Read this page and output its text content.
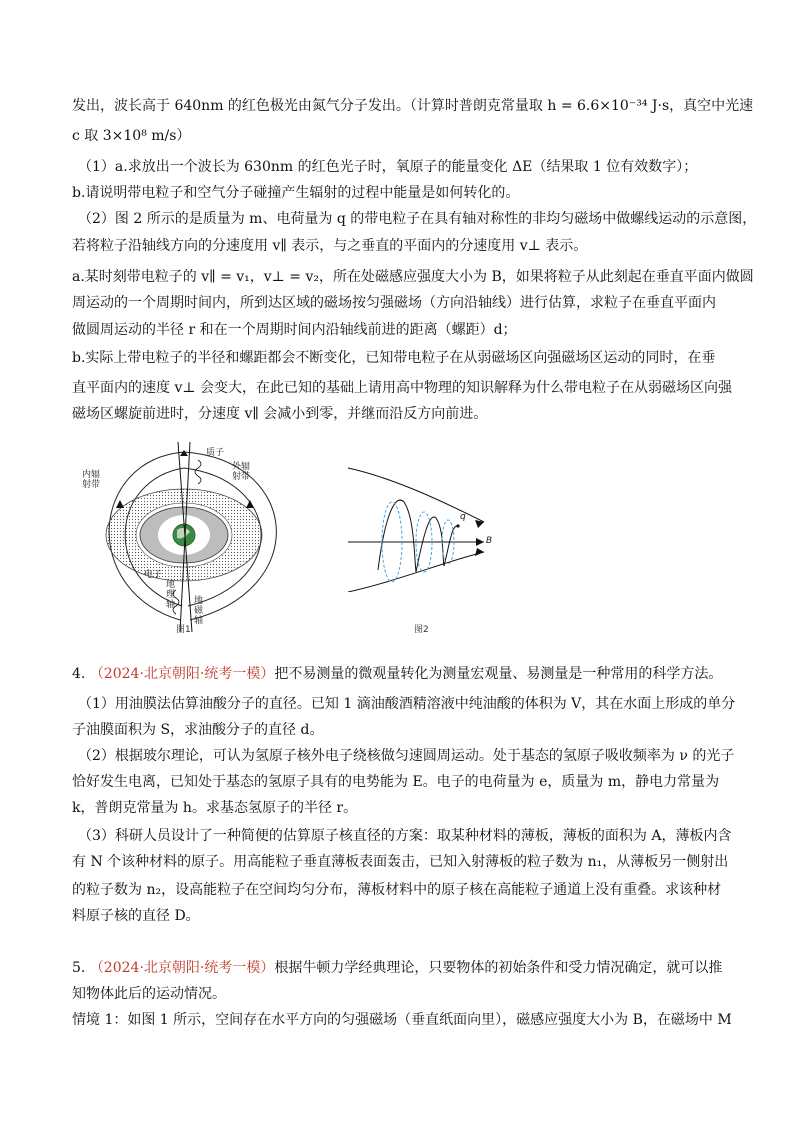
发出，波长高于 640nm 的红色极光由氮气分子发出。（计算时普朗克常量取 h = 6.6×10⁻³⁴ J·s，真空中光速
c 取 3×10⁸ m/s）
（1）a.求放出一个波长为 630nm 的红色光子时，氧原子的能量变化 ΔE（结果取 1 位有效数字）；
b.请说明带电粒子和空气分子碰撞产生辐射的过程中能量是如何转化的。
（2）图 2 所示的是质量为 m、电荷量为 q 的带电粒子在具有轴对称性的非均匀磁场中做螺线运动的示意图，
若将粒子沿轴线方向的分速度用 v∥ 表示，与之垂直的平面内的分速度用 v⊥ 表示。
a.某时刻带电粒子的 v∥ = v₁，v⊥ = v₂，所在处磁感应强度大小为 B，如果将粒子从此刻起在垂直平面内做圆
周运动的一个周期时间内，所到达区域的磁场按匀强磁场（方向沿轴线）进行估算，求粒子在垂直平面内
做圆周运动的半径 r 和在一个周期时间内沿轴线前进的距离（螺距）d；
b.实际上带电粒子的半径和螺距都会不断变化，已知带电粒子在从弱磁场区向强磁场区运动的同时，在垂
直平面内的速度 v⊥ 会变大，在此已知的基础上请用高中物理的知识解释为什么带电粒子在从弱磁场区向强
磁场区螺旋前进时，分速度 v∥ 会减小到零，并继而沿反方向前进。
质子
内辐
射带
外辐
射带
电子
地
理
轴 地
磁
轴
图1
q
B
图2
4. （2024·北京朝阳·统考一模）把不易测量的微观量转化为测量宏观量、易测量是一种常用的科学方法。
（1）用油膜法估算油酸分子的直径。已知 1 滴油酸酒精溶液中纯油酸的体积为 V，其在水面上形成的单分
子油膜面积为 S，求油酸分子的直径 d。
（2）根据玻尔理论，可认为氢原子核外电子绕核做匀速圆周运动。处于基态的氢原子吸收频率为 ν 的光子
恰好发生电离，已知处于基态的氢原子具有的电势能为 E。电子的电荷量为 e，质量为 m，静电力常量为
k，普朗克常量为 h。求基态氢原子的半径 r。
（3）科研人员设计了一种简便的估算原子核直径的方案：取某种材料的薄板，薄板的面积为 A，薄板内含
有 N 个该种材料的原子。用高能粒子垂直薄板表面轰击，已知入射薄板的粒子数为 n₁，从薄板另一侧射出
的粒子数为 n₂，设高能粒子在空间均匀分布，薄板材料中的原子核在高能粒子通道上没有重叠。求该种材
料原子核的直径 D。
5. （2024·北京朝阳·统考一模）根据牛顿力学经典理论，只要物体的初始条件和受力情况确定，就可以推
知物体此后的运动情况。
情境 1：如图 1 所示，空间存在水平方向的匀强磁场（垂直纸面向里），磁感应强度大小为 B，在磁场中 M
